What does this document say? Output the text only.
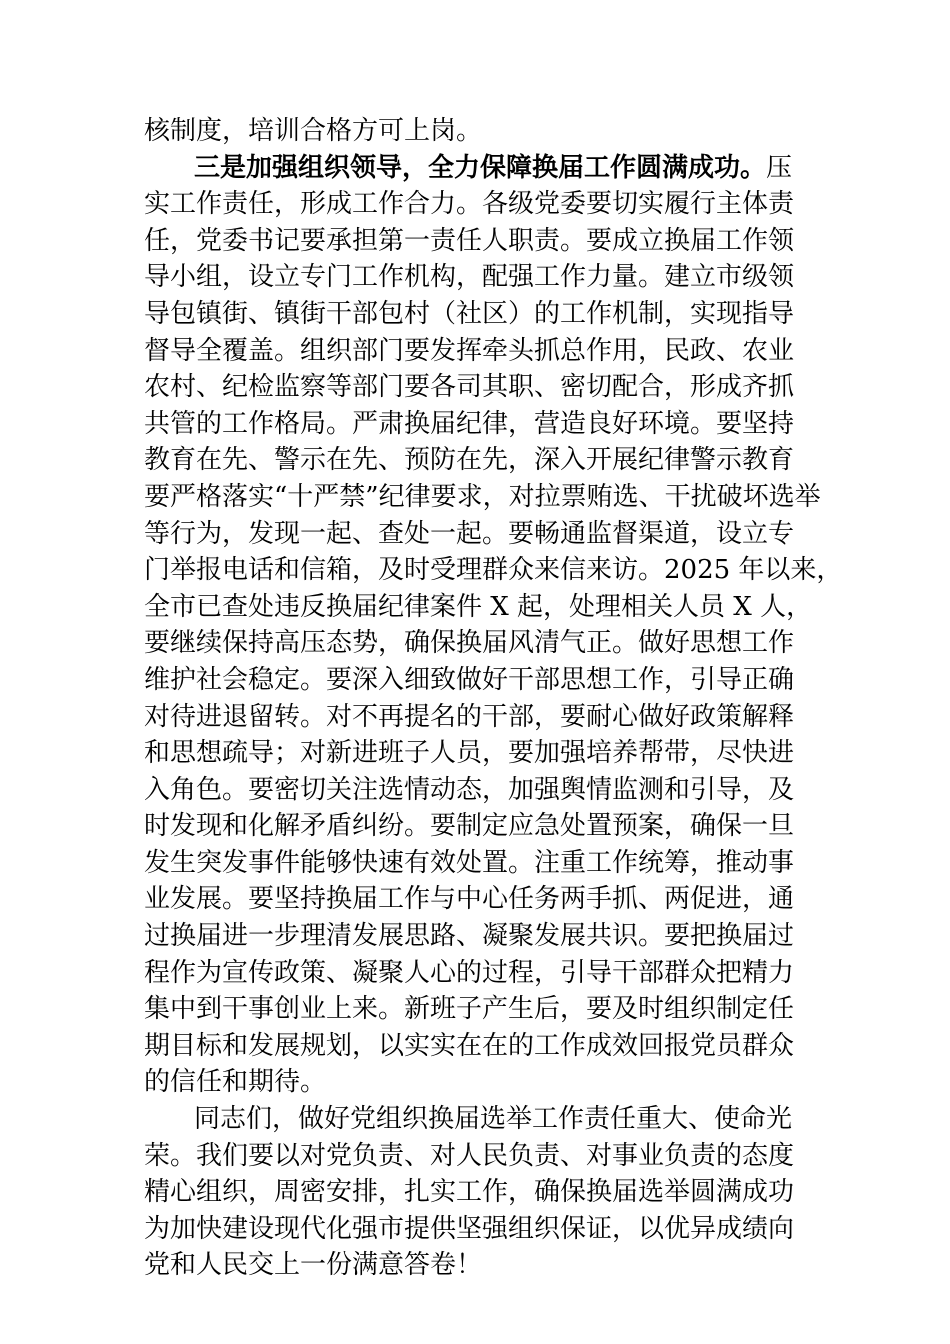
核制度，培训合格方可上岗。
三是加强组织领导，全力保障换届工作圆满成功。压
实工作责任，形成工作合力。各级党委要切实履行主体责
任，党委书记要承担第一责任人职责。要成立换届工作领
导小组，设立专门工作机构，配强工作力量。建立市级领
导包镇街、镇街干部包村（社区）的工作机制，实现指导
督导全覆盖。组织部门要发挥牵头抓总作用，民政、农业
农村、纪检监察等部门要各司其职、密切配合，形成齐抓
共管的工作格局。严肃换届纪律，营造良好环境。要坚持
教育在先、警示在先、预防在先，深入开展纪律警示教育
要严格落实“十严禁”纪律要求，对拉票贿选、干扰破坏选举
等行为，发现一起、查处一起。要畅通监督渠道，设立专
门举报电话和信箱，及时受理群众来信来访。2025 年以来，
全市已查处违反换届纪律案件 X 起，处理相关人员 X 人，
要继续保持高压态势，确保换届风清气正。做好思想工作
维护社会稳定。要深入细致做好干部思想工作，引导正确
对待进退留转。对不再提名的干部，要耐心做好政策解释
和思想疏导；对新进班子人员，要加强培养帮带，尽快进
入角色。要密切关注选情动态，加强舆情监测和引导，及
时发现和化解矛盾纠纷。要制定应急处置预案，确保一旦
发生突发事件能够快速有效处置。注重工作统筹，推动事
业发展。要坚持换届工作与中心任务两手抓、两促进，通
过换届进一步理清发展思路、凝聚发展共识。要把换届过
程作为宣传政策、凝聚人心的过程，引导干部群众把精力
集中到干事创业上来。新班子产生后，要及时组织制定任
期目标和发展规划，以实实在在的工作成效回报党员群众
的信任和期待。
同志们，做好党组织换届选举工作责任重大、使命光
荣。我们要以对党负责、对人民负责、对事业负责的态度
精心组织，周密安排，扎实工作，确保换届选举圆满成功
为加快建设现代化强市提供坚强组织保证，以优异成绩向
党和人民交上一份满意答卷！
